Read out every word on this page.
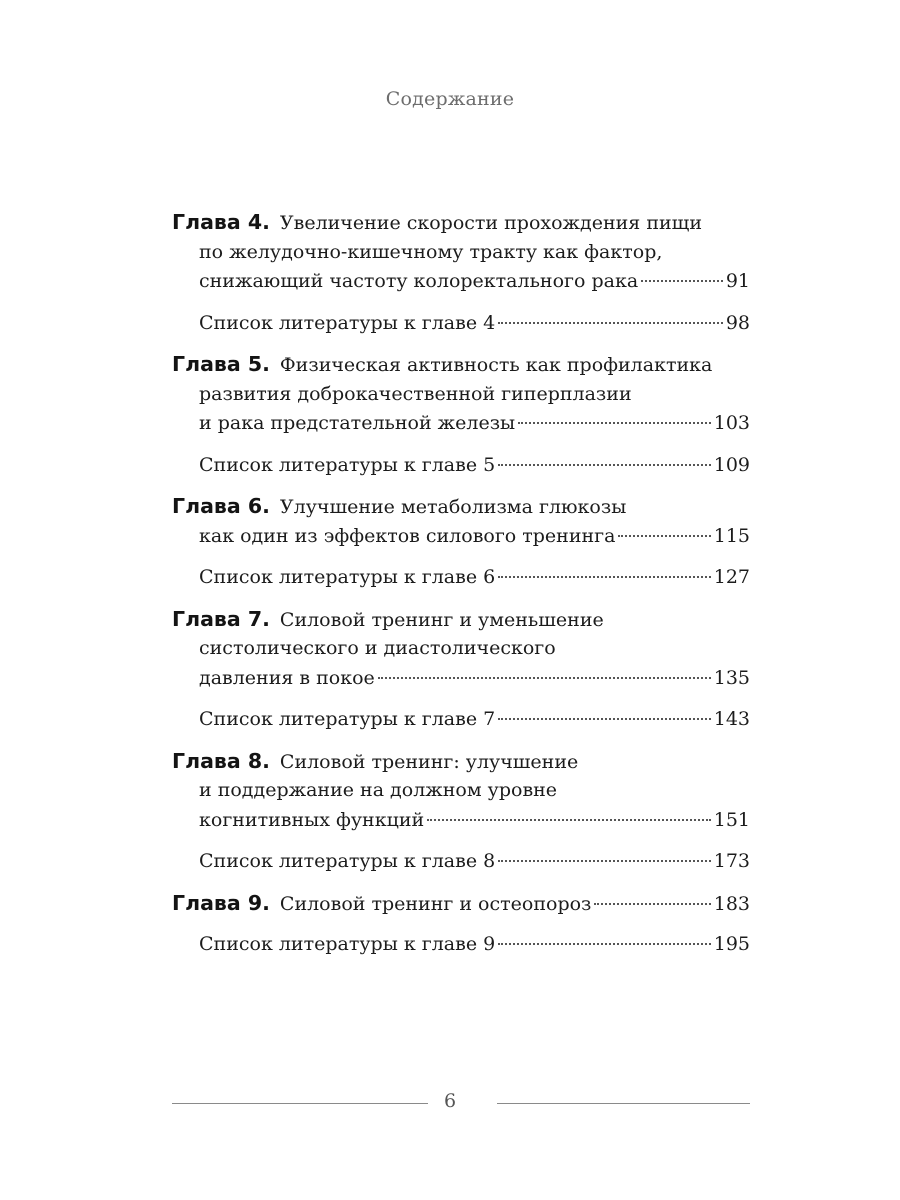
Содержание
Глава 4. Увеличение скорости прохождения пищи
по желудочно-кишечному тракту как фактор,
снижающий частоту колоректального рака	91
Список литературы к главе 4	98
Глава 5. Физическая активность как профилактика
развития доброкачественной гиперплазии
и рака предстательной железы	103
Список литературы к главе 5	109
Глава 6. Улучшение метаболизма глюкозы
как один из эффектов силового тренинга	115
Список литературы к главе 6	127
Глава 7. Силовой тренинг и уменьшение
систолического и диастолического
давления в покое	135
Список литературы к главе 7	143
Глава 8. Силовой тренинг: улучшение
и поддержание на должном уровне
когнитивных функций	151
Список литературы к главе 8	173
Глава 9. Силовой тренинг и остеопороз	183
Список литературы к главе 9	195
6
